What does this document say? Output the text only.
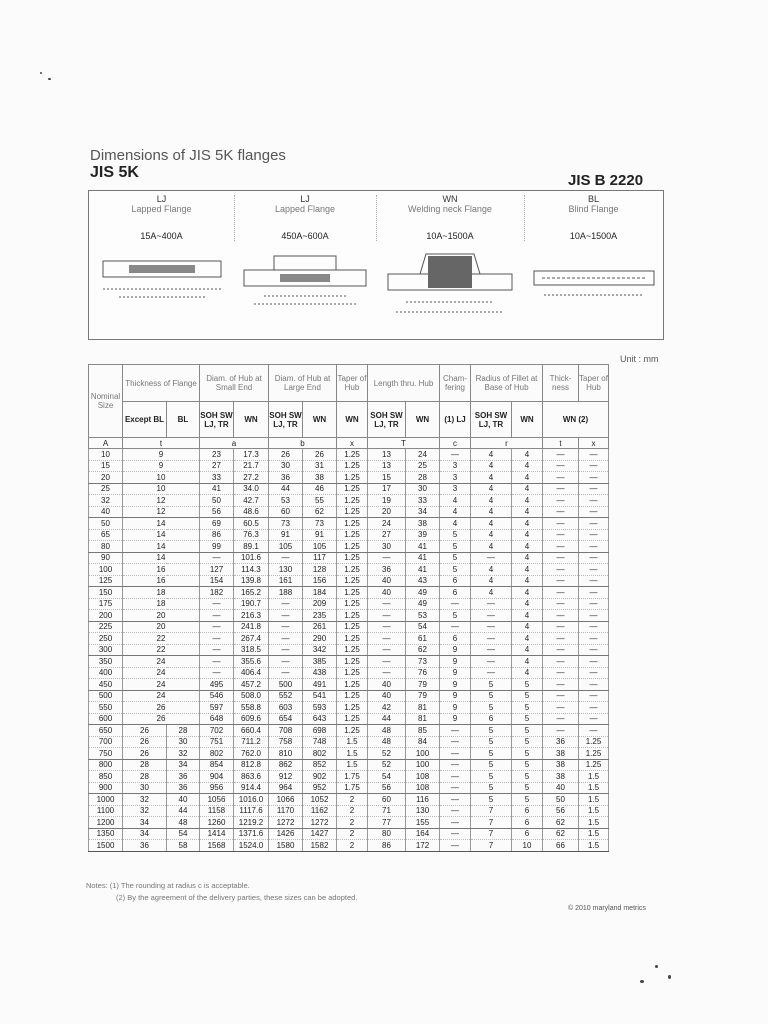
Dimensions of JIS 5K flanges
JIS 5K	JIS B 2220
LJ
Lapped Flange
15A~400A
LJ
Lapped Flange
450A~600A
WN
Welding neck Flange
10A~1500A
BL
Blind Flange
10A~1500A
Unit : mm
Nominal Size	Thickness of Flange		Diam. of Hub at Small End		Diam. of Hub at Large End		Taper of Hub	Length thru. Hub		Cham-fering	Radius of Fillet at Base of Hub		Thick-ness	Taper of Hub
	Except BL	BL	SOH SW LJ, TR	WN	SOH SW LJ, TR	WN	WN	SOH SW LJ, TR	WN	(1) LJ	SOH SW LJ, TR	WN	WN (2)	
A	t		a		b		x	T		c	r		t	x
10	9		23	17.3	26	26	1.25	13	24	—	4	4	—	—
15	9		27	21.7	30	31	1.25	13	25	3	4	4	—	—
20	10		33	27.2	36	38	1.25	15	28	3	4	4	—	—
25	10		41	34.0	44	46	1.25	17	30	3	4	4	—	—
32	12		50	42.7	53	55	1.25	19	33	4	4	4	—	—
40	12		56	48.6	60	62	1.25	20	34	4	4	4	—	—
50	14		69	60.5	73	73	1.25	24	38	4	4	4	—	—
65	14		86	76.3	91	91	1.25	27	39	5	4	4	—	—
80	14		99	89.1	105	105	1.25	30	41	5	4	4	—	—
90	14		—	101.6	—	117	1.25	—	41	5	—	4	—	—
100	16		127	114.3	130	128	1.25	36	41	5	4	4	—	—
125	16		154	139.8	161	156	1.25	40	43	6	4	4	—	—
150	18		182	165.2	188	184	1.25	40	49	6	4	4	—	—
175	18		—	190.7	—	209	1.25	—	49	—	—	4	—	—
200	20		—	216.3	—	235	1.25	—	53	5	—	4	—	—
225	20		—	241.8	—	261	1.25	—	54	—	—	4	—	—
250	22		—	267.4	—	290	1.25	—	61	6	—	4	—	—
300	22		—	318.5	—	342	1.25	—	62	9	—	4	—	—
350	24		—	355.6	—	385	1.25	—	73	9	—	4	—	—
400	24		—	406.4	—	438	1.25	—	76	9	—	4	—	—
450	24		495	457.2	500	491	1.25	40	79	9	5	5	—	—
500	24		546	508.0	552	541	1.25	40	79	9	5	5	—	—
550	26		597	558.8	603	593	1.25	42	81	9	5	5	—	—
600	26		648	609.6	654	643	1.25	44	81	9	6	5	—	—
650	26	28	702	660.4	708	698	1.25	48	85	—	5	5	—	—
700	26	30	751	711.2	758	748	1.5	48	84	—	5	5	36	1.25
750	26	32	802	762.0	810	802	1.5	52	100	—	5	5	38	1.25
800	28	34	854	812.8	862	852	1.5	52	100	—	5	5	38	1.25
850	28	36	904	863.6	912	902	1.75	54	108	—	5	5	38	1.5
900	30	36	956	914.4	964	952	1.75	56	108	—	5	5	40	1.5
1000	32	40	1056	1016.0	1066	1052	2	60	116	—	5	5	50	1.5
1100	32	44	1158	1117.6	1170	1162	2	71	130	—	7	6	56	1.5
1200	34	48	1260	1219.2	1272	1272	2	77	155	—	7	6	62	1.5
1350	34	54	1414	1371.6	1426	1427	2	80	164	—	7	6	62	1.5
1500	36	58	1568	1524.0	1580	1582	2	86	172	—	7	10	66	1.5
Notes: (1) The rounding at radius c is acceptable.
(2) By the agreement of the delivery parties, these sizes can be adopted.
© 2010 maryland metrics
